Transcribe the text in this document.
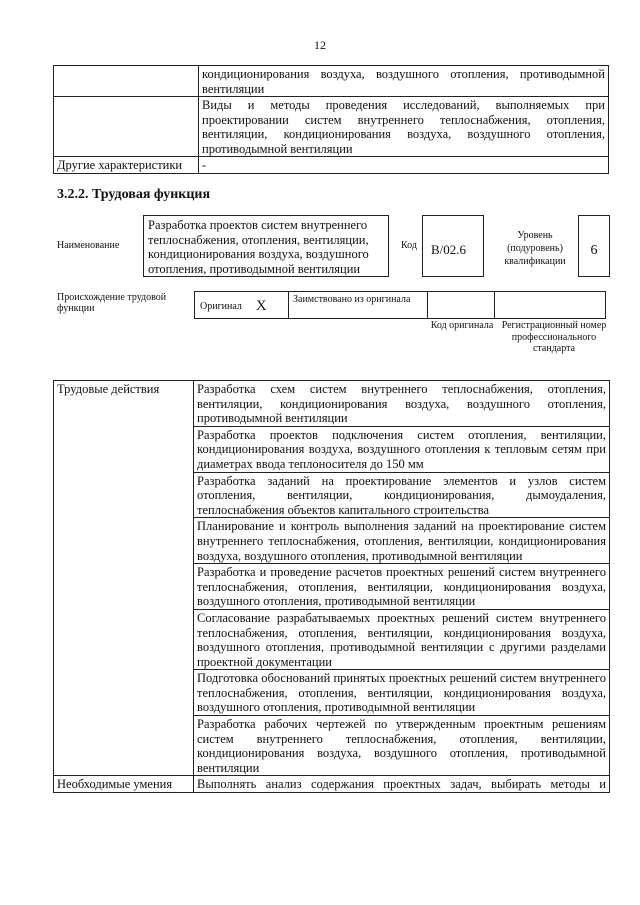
12
	кондиционирования воздуха, воздушного отопления, противодымной вентиляции
	Виды и методы проведения исследований, выполняемых при проектировании систем внутреннего теплоснабжения, отопления, вентиляции, кондиционирования воздуха, воздушного отопления, противодымной вентиляции
Другие характеристики	-
3.2.2. Трудовая функция
Наименование
Разработка проектов систем внутреннего теплоснабжения, отопления, вентиляции, кондиционирования воздуха, воздушного отопления, противодымной вентиляции
Код	B/02.6
Уровень (подуровень) квалификации
6
Происхождение трудовой функции	Оригинал X	Заимствовано из оригинала

Код оригинала Регистрационный номер профессионального стандарта
Трудовые действия	Разработка схем систем внутреннего теплоснабжения, отопления, вентиляции, кондиционирования воздуха, воздушного отопления, противодымной вентиляции
	Разработка проектов подключения систем отопления, вентиляции, кондиционирования воздуха, воздушного отопления к тепловым сетям при диаметрах ввода теплоносителя до 150 мм
	Разработка заданий на проектирование элементов и узлов систем отопления, вентиляции, кондиционирования, дымоудаления, теплоснабжения объектов капитального строительства
	Планирование и контроль выполнения заданий на проектирование систем внутреннего теплоснабжения, отопления, вентиляции, кондиционирования воздуха, воздушного отопления, противодымной вентиляции
	Разработка и проведение расчетов проектных решений систем внутреннего теплоснабжения, отопления, вентиляции, кондиционирования воздуха, воздушного отопления, противодымной вентиляции
	Согласование разрабатываемых проектных решений систем внутреннего теплоснабжения, отопления, вентиляции, кондиционирования воздуха, воздушного отопления, противодымной вентиляции с другими разделами проектной документации
	Подготовка обоснований принятых проектных решений систем внутреннего теплоснабжения, отопления, вентиляции, кондиционирования воздуха, воздушного отопления, противодымной вентиляции
	Разработка рабочих чертежей по утвержденным проектным решениям систем внутреннего теплоснабжения, отопления, вентиляции, кондиционирования воздуха, воздушного отопления, противодымной вентиляции
Необходимые умения	Выполнять анализ содержания проектных задач, выбирать методы и
